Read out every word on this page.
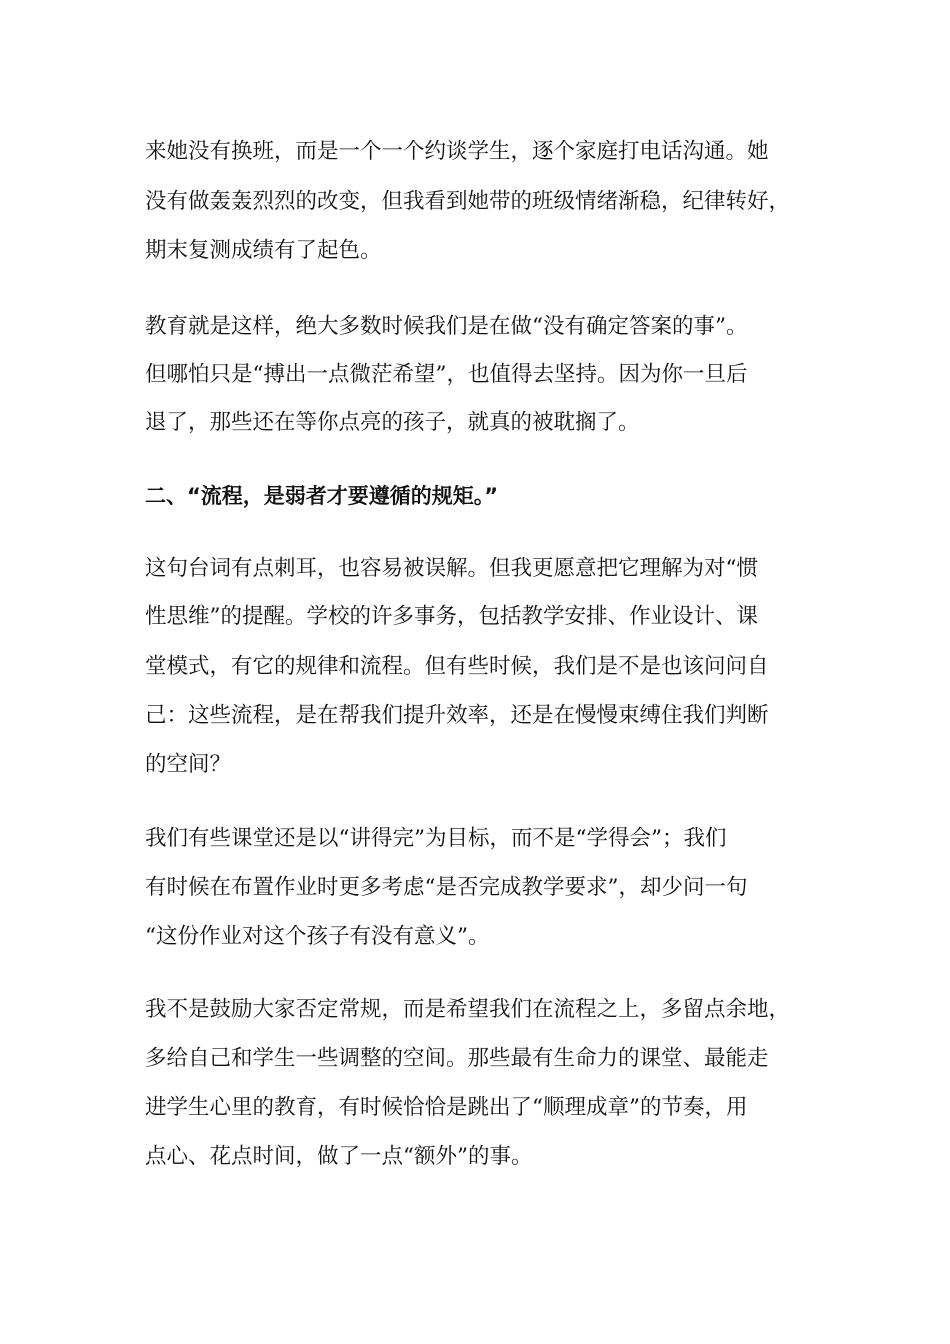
来她没有换班，而是一个一个约谈学生，逐个家庭打电话沟通。她

没有做轰轰烈烈的改变，但我看到她带的班级情绪渐稳，纪律转好，

期末复测成绩有了起色。

教育就是这样，绝大多数时候我们是在做“没有确定答案的事”。

但哪怕只是“搏出一点微茫希望”，也值得去坚持。因为你一旦后

退了，那些还在等你点亮的孩子，就真的被耽搁了。

二、“流程，是弱者才要遵循的规矩。”

这句台词有点刺耳，也容易被误解。但我更愿意把它理解为对“惯

性思维”的提醒。学校的许多事务，包括教学安排、作业设计、课

堂模式，有它的规律和流程。但有些时候，我们是不是也该问问自

己：这些流程，是在帮我们提升效率，还是在慢慢束缚住我们判断

的空间？

我们有些课堂还是以“讲得完”为目标，而不是“学得会”；我们

有时候在布置作业时更多考虑“是否完成教学要求”，却少问一句

“这份作业对这个孩子有没有意义”。

我不是鼓励大家否定常规，而是希望我们在流程之上，多留点余地，

多给自己和学生一些调整的空间。那些最有生命力的课堂、最能走

进学生心里的教育，有时候恰恰是跳出了“顺理成章”的节奏，用

点心、花点时间，做了一点“额外”的事。
